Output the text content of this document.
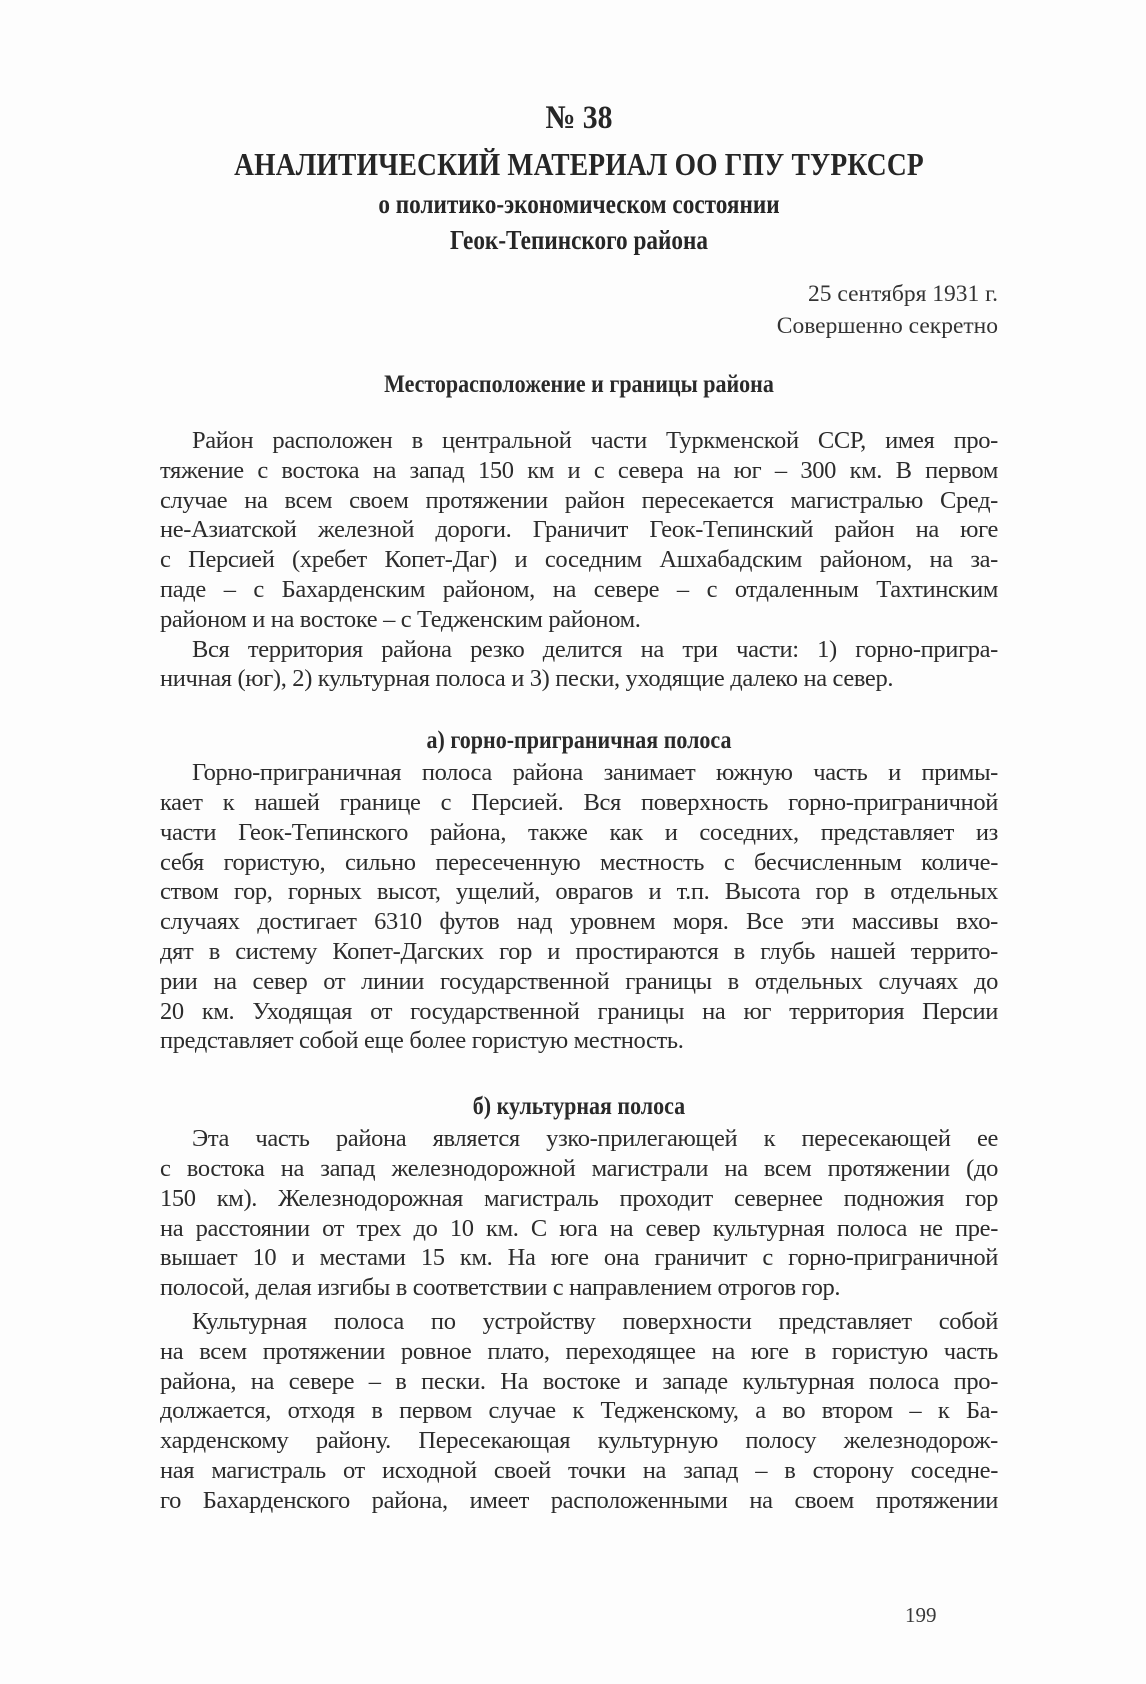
№ 38
АНАЛИТИЧЕСКИЙ МАТЕРИАЛ ОО ГПУ ТУРКССР
о политико-экономическом состоянии
Геок-Тепинского района
25 сентября 1931 г.
Совершенно секретно
Месторасположение и границы района

Район расположен в центральной части Туркменской ССР, имея про-
тяжение с востока на запад 150 км и с севера на юг – 300 км. В первом
случае на всем своем протяжении район пересекается магистралью Сред-
не-Азиатской железной дороги. Граничит Геок-Тепинский район на юге
с Персией (хребет Копет-Даг) и соседним Ашхабадским районом, на за-
паде – с Бахарденским районом, на севере – с отдаленным Тахтинским
районом и на востоке – с Тедженским районом.

Вся территория района резко делится на три части: 1) горно-пригра-
ничная (юг), 2) культурная полоса и 3) пески, уходящие далеко на север.

а) горно-приграничная полоса

Горно-приграничная полоса района занимает южную часть и примы-
кает к нашей границе с Персией. Вся поверхность горно-приграничной
части Геок-Тепинского района, также как и соседних, представляет из
себя гористую, сильно пересеченную местность с бесчисленным количе-
ством гор, горных высот, ущелий, оврагов и т.п. Высота гор в отдельных
случаях достигает 6310 футов над уровнем моря. Все эти массивы вхо-
дят в систему Копет-Дагских гор и простираются в глубь нашей террито-
рии на север от линии государственной границы в отдельных случаях до
20 км. Уходящая от государственной границы на юг территория Персии
представляет собой еще более гористую местность.

б) культурная полоса

Эта часть района является узко-прилегающей к пересекающей ее
с востока на запад железнодорожной магистрали на всем протяжении (до
150 км). Железнодорожная магистраль проходит севернее подножия гор
на расстоянии от трех до 10 км. С юга на север культурная полоса не пре-
вышает 10 и местами 15 км. На юге она граничит с горно-приграничной
полосой, делая изгибы в соответствии с направлением отрогов гор.

Культурная полоса по устройству поверхности представляет собой
на всем протяжении ровное плато, переходящее на юге в гористую часть
района, на севере – в пески. На востоке и западе культурная полоса про-
должается, отходя в первом случае к Тедженскому, а во втором – к Ба-
харденскому району. Пересекающая культурную полосу железнодорож-
ная магистраль от исходной своей точки на запад – в сторону соседне-
го Бахарденского района, имеет расположенными на своем протяжении

199
